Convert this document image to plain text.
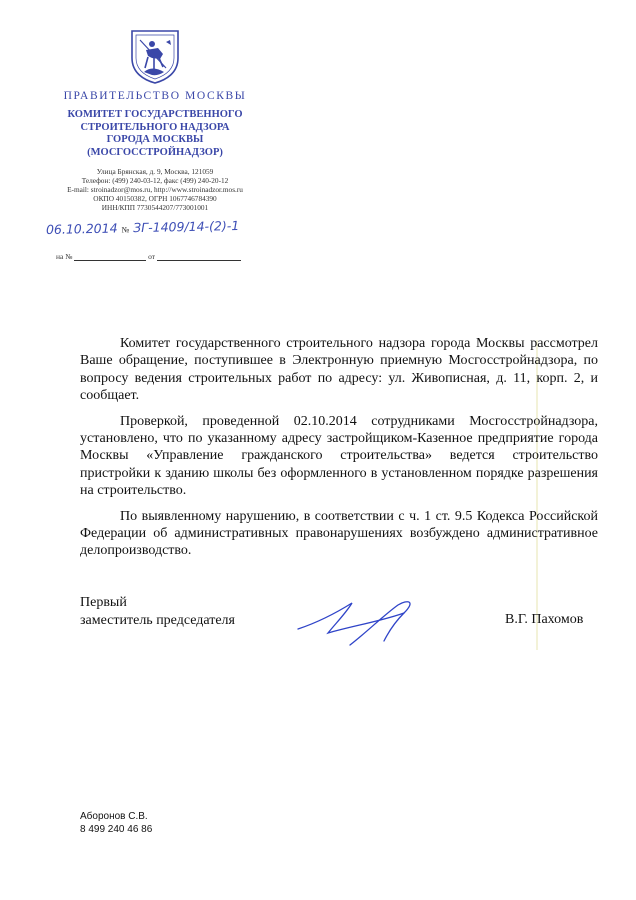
ПРАВИТЕЛЬСТВО МОСКВЫ
КОМИТЕТ ГОСУДАРСТВЕННОГО
СТРОИТЕЛЬНОГО НАДЗОРА
ГОРОДА МОСКВЫ
(МОСГОССТРОЙНАДЗОР)
Улица Брянская, д. 9, Москва, 121059
Телефон: (499) 240-03-12, факс (499) 240-20-12
E-mail: stroinadzor@mos.ru, http://www.stroinadzor.mos.ru
ОКПО 40150382, ОГРН 1067746784390
ИНН/КПП 7730544207/773001001
06.10.2014 № ЗГ-1409/14-(2)-1
на №	от

Комитет государственного строительного надзора города Москвы рассмотрел Ваше обращение, поступившее в Электронную приемную Мосгосстройнадзора, по вопросу ведения строительных работ по адресу: ул. Живописная, д. 11, корп. 2, и сообщает.

Проверкой, проведенной 02.10.2014 сотрудниками Мосгосстройнадзора, установлено, что по указанному адресу застройщиком-Казенное предприятие города Москвы «Управление гражданского строительства» ведется строительство пристройки к зданию школы без оформленного в установленном порядке разрешения на строительство.

По выявленному нарушению, в соответствии с ч. 1 ст. 9.5 Кодекса Российской Федерации об административных правонарушениях возбуждено административное делопроизводство.

Первый
заместитель председателя	В.Г. Пахомов
Аборонов С.В.
8 499 240 46 86
